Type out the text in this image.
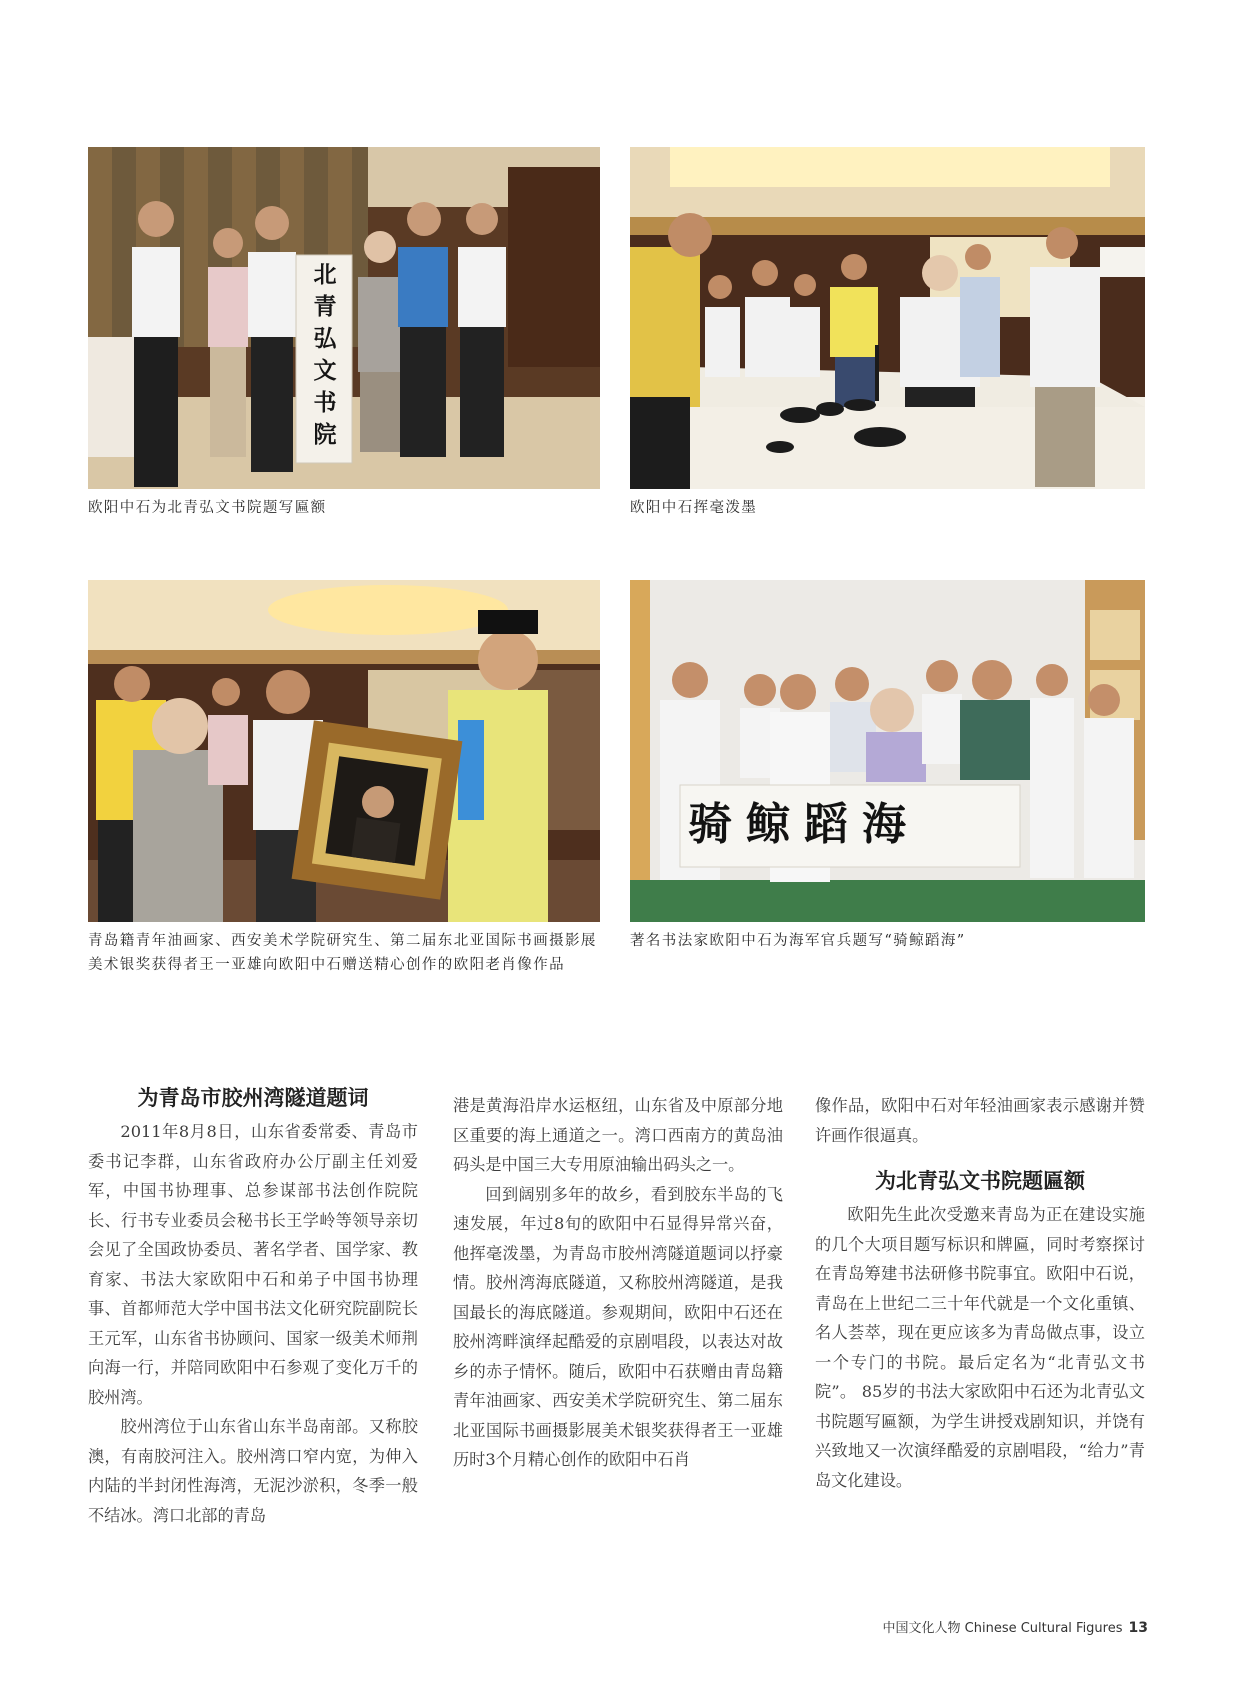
北
青
弘
文
书
院
欧阳中石为北青弘文书院题写匾额	欧阳中石挥毫泼墨
青岛籍青年油画家、西安美术学院研究生、第二届东北亚国际书画摄影展美术银奖获得者王一亚雄向欧阳中石赠送精心创作的欧阳老肖像作品
骑鲸蹈海
著名书法家欧阳中石为海军官兵题写“骑鲸蹈海”
为青岛市胶州湾隧道题词

2011年8月8日，山东省委常委、青岛市委书记李群，山东省政府办公厅副主任刘爱军，中国书协理事、总参谋部书法创作院院长、行书专业委员会秘书长王学岭等领导亲切会见了全国政协委员、著名学者、国学家、教育家、书法大家欧阳中石和弟子中国书协理事、首都师范大学中国书法文化研究院副院长王元军，山东省书协顾问、国家一级美术师荆向海一行，并陪同欧阳中石参观了变化万千的胶州湾。

胶州湾位于山东省山东半岛南部。又称胶澳，有南胶河注入。胶州湾口窄内宽，为伸入内陆的半封闭性海湾，无泥沙淤积，冬季一般不结冰。湾口北部的青岛

港是黄海沿岸水运枢纽，山东省及中原部分地区重要的海上通道之一。湾口西南方的黄岛油码头是中国三大专用原油输出码头之一。

回到阔别多年的故乡，看到胶东半岛的飞速发展，年过8旬的欧阳中石显得异常兴奋，他挥毫泼墨，为青岛市胶州湾隧道题词以抒豪情。胶州湾海底隧道，又称胶州湾隧道，是我国最长的海底隧道。参观期间，欧阳中石还在胶州湾畔演绎起酷爱的京剧唱段，以表达对故乡的赤子情怀。随后，欧阳中石获赠由青岛籍青年油画家、西安美术学院研究生、第二届东北亚国际书画摄影展美术银奖获得者王一亚雄历时3个月精心创作的欧阳中石肖

像作品，欧阳中石对年轻油画家表示感谢并赞许画作很逼真。

为北青弘文书院题匾额

欧阳先生此次受邀来青岛为正在建设实施的几个大项目题写标识和牌匾，同时考察探讨在青岛筹建书法研修书院事宜。欧阳中石说，青岛在上世纪二三十年代就是一个文化重镇、名人荟萃，现在更应该多为青岛做点事，设立一个专门的书院。最后定名为“北青弘文书院”。 85岁的书法大家欧阳中石还为北青弘文书院题写匾额，为学生讲授戏剧知识，并饶有兴致地又一次演绎酷爱的京剧唱段，“给力”青岛文化建设。

中国文化人物 Chinese Cultural Figures 13
